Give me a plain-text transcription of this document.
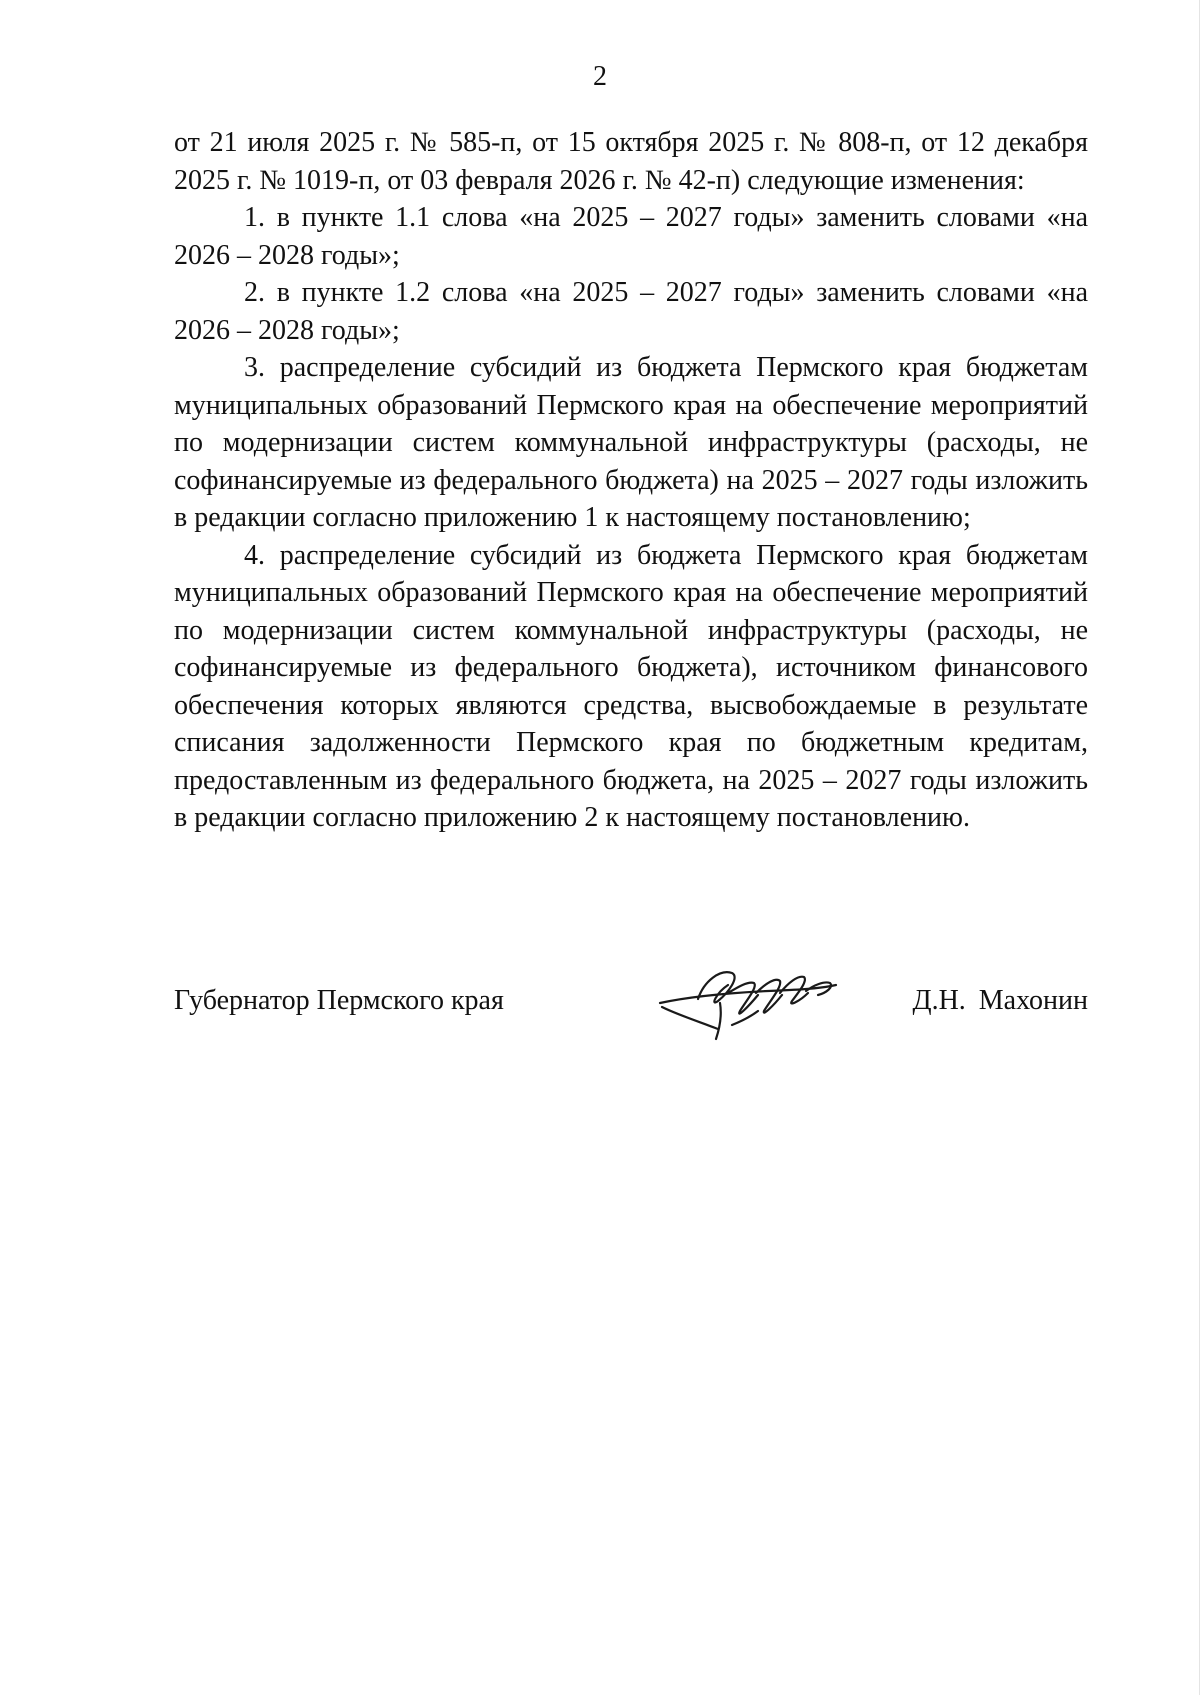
2

от 21 июля 2025 г. № 585-п, от 15 октября 2025 г. № 808-п, от 12 декабря 2025 г. № 1019-п, от 03 февраля 2026 г. № 42-п) следующие изменения:

1. в пункте 1.1 слова «на 2025 – 2027 годы» заменить словами «на 2026 – 2028 годы»;

2. в пункте 1.2 слова «на 2025 – 2027 годы» заменить словами «на 2026 – 2028 годы»;

3. распределение субсидий из бюджета Пермского края бюджетам муниципальных образований Пермского края на обеспечение мероприятий по модернизации систем коммунальной инфраструктуры (расходы, не софинансируемые из федерального бюджета) на 2025 – 2027 годы изложить в редакции согласно приложению 1 к настоящему постановлению;

4. распределение субсидий из бюджета Пермского края бюджетам муниципальных образований Пермского края на обеспечение мероприятий по модернизации систем коммунальной инфраструктуры (расходы, не софинансируемые из федерального бюджета), источником финансового обеспечения которых являются средства, высвобождаемые в результате списания задолженности Пермского края по бюджетным кредитам, предоставленным из федерального бюджета, на 2025 – 2027 годы изложить в редакции согласно приложению 2 к настоящему постановлению.

Губернатор Пермского края	Д.Н. Махонин
